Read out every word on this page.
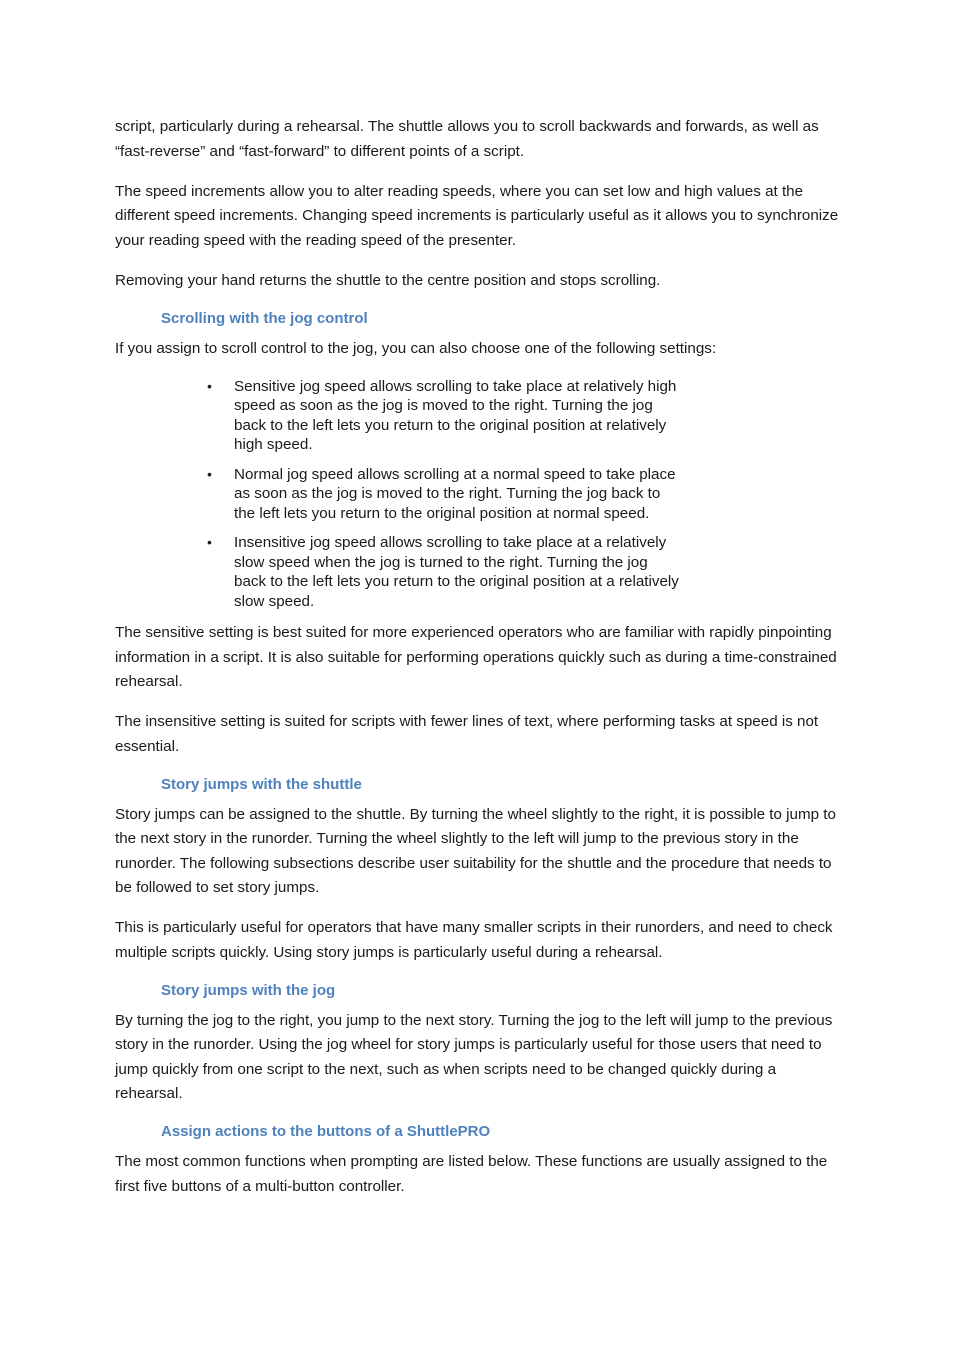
script, particularly during a rehearsal. The shuttle allows you to scroll backwards and forwards, as well as “fast-reverse” and “fast-forward” to different points of a script.

The speed increments allow you to alter reading speeds, where you can set low and high values at the different speed increments. Changing speed increments is particularly useful as it allows you to synchronize your reading speed with the reading speed of the presenter.

Removing your hand returns the shuttle to the centre position and stops scrolling.

Scrolling with the jog control

If you assign to scroll control to the jog, you can also choose one of the following settings:

• Sensitive jog speed allows scrolling to take place at relatively high speed as soon as the jog is moved to the right. Turning the jog back to the left lets you return to the original position at relatively high speed.
• Normal jog speed allows scrolling at a normal speed to take place as soon as the jog is moved to the right. Turning the jog back to the left lets you return to the original position at normal speed.
• Insensitive jog speed allows scrolling to take place at a relatively slow speed when the jog is turned to the right. Turning the jog back to the left lets you return to the original position at a relatively slow speed.

The sensitive setting is best suited for more experienced operators who are familiar with rapidly pinpointing information in a script. It is also suitable for performing operations quickly such as during a time-constrained rehearsal.

The insensitive setting is suited for scripts with fewer lines of text, where performing tasks at speed is not essential.

Story jumps with the shuttle

Story jumps can be assigned to the shuttle. By turning the wheel slightly to the right, it is possible to jump to the next story in the runorder. Turning the wheel slightly to the left will jump to the previous story in the runorder. The following subsections describe user suitability for the shuttle and the procedure that needs to be followed to set story jumps.

This is particularly useful for operators that have many smaller scripts in their runorders, and need to check multiple scripts quickly. Using story jumps is particularly useful during a rehearsal.

Story jumps with the jog

By turning the jog to the right, you jump to the next story. Turning the jog to the left will jump to the previous story in the runorder. Using the jog wheel for story jumps is particularly useful for those users that need to jump quickly from one script to the next, such as when scripts need to be changed quickly during a rehearsal.

Assign actions to the buttons of a ShuttlePRO

The most common functions when prompting are listed below. These functions are usually assigned to the first five buttons of a multi-button controller.
